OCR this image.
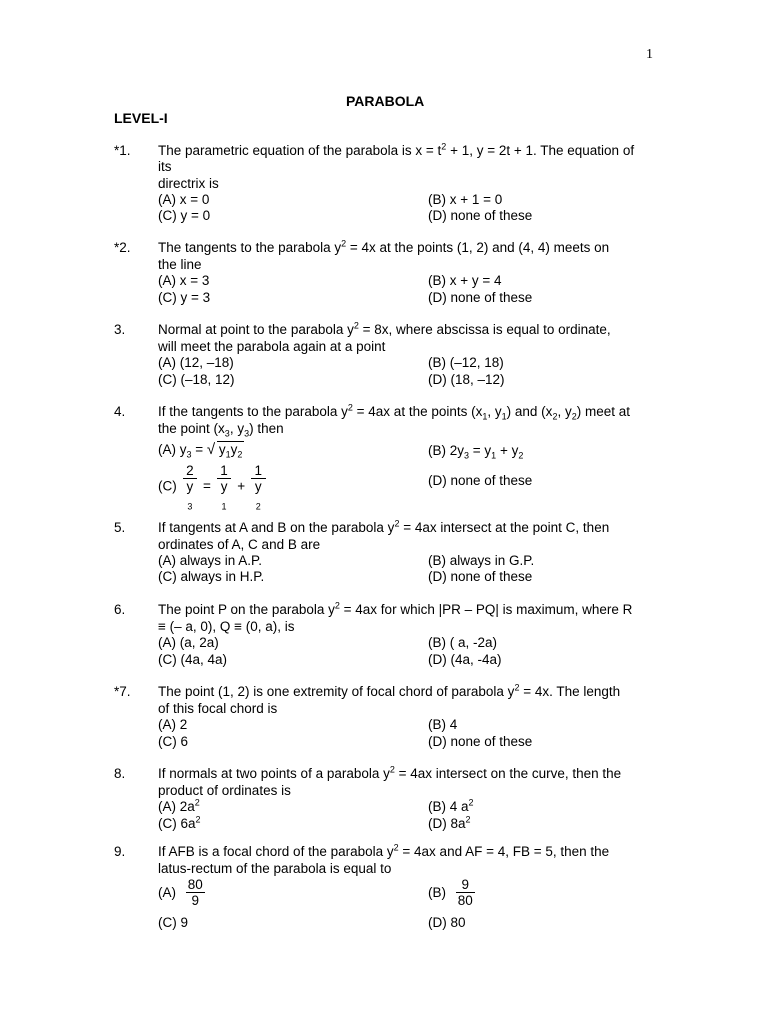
1
PARABOLA
LEVEL-I
*1. The parametric equation of the parabola is $x = t^2 + 1$, y = 2t + 1. The equation of
its
directrix is
(A) x = 0	(B) x + 1 = 0
(C) y = 0	(D) none of these
*2. The tangents to the parabola $y^2 = 4x$ at the points (1, 2) and (4, 4) meets on
the line
(A) x = 3	(B) x + y = 4
(C) y = 3	(D) none of these
3. Normal at point to the parabola $y^2 = 8x$, where abscissa is equal to ordinate,
will meet the parabola again at a point
(A) (12, –18)	(B) (–12, 18)
(C) (–18, 12)	(D) (18, –12)
4. If the tangents to the parabola $y^2 = 4ax$ at the points ($x_1$, $y_1$) and ($x_2$, $y_2$) meet at
the point ($x_3$, $y_3$) then
(A) $y_3$ = √ $y_1y_2$	(B) $2y_3 = y_1 + y_2$
(C) 2
y
$_3$ = 1
y
$_1$ + 1
y
$_2$	(D) none of these
5. If tangents at A and B on the parabola $y^2 = 4ax$ intersect at the point C, then
ordinates of A, C and B are
(A) always in A.P.	(B) always in G.P.
(C) always in H.P.	(D) none of these
6. The point P on the parabola $y^2 = 4ax$ for which |PR – PQ| is maximum, where R
≡ (– a, 0), Q ≡ (0, a), is
(A) (a, 2a)	(B) ( a, -2a)
(C) (4a, 4a)	(D) (4a, -4a)
*7. The point (1, 2) is one extremity of focal chord of parabola $y^2 = 4x$. The length
of this focal chord is
(A) 2	(B) 4
(C) 6	(D) none of these
8. If normals at two points of a parabola $y^2 = 4ax$ intersect on the curve, then the
product of ordinates is
(A) $2a^2$	(B) 4 $a^2$
(C) $6a^2$	(D) $8a^2$
9. If AFB is a focal chord of the parabola $y^2 = 4ax$ and AF = 4, FB = 5, then the
latus-rectum of the parabola is equal to
$(A) \frac{80}{9}$	$(B) \frac{9}{80}$
(C) 9	(D) 80
